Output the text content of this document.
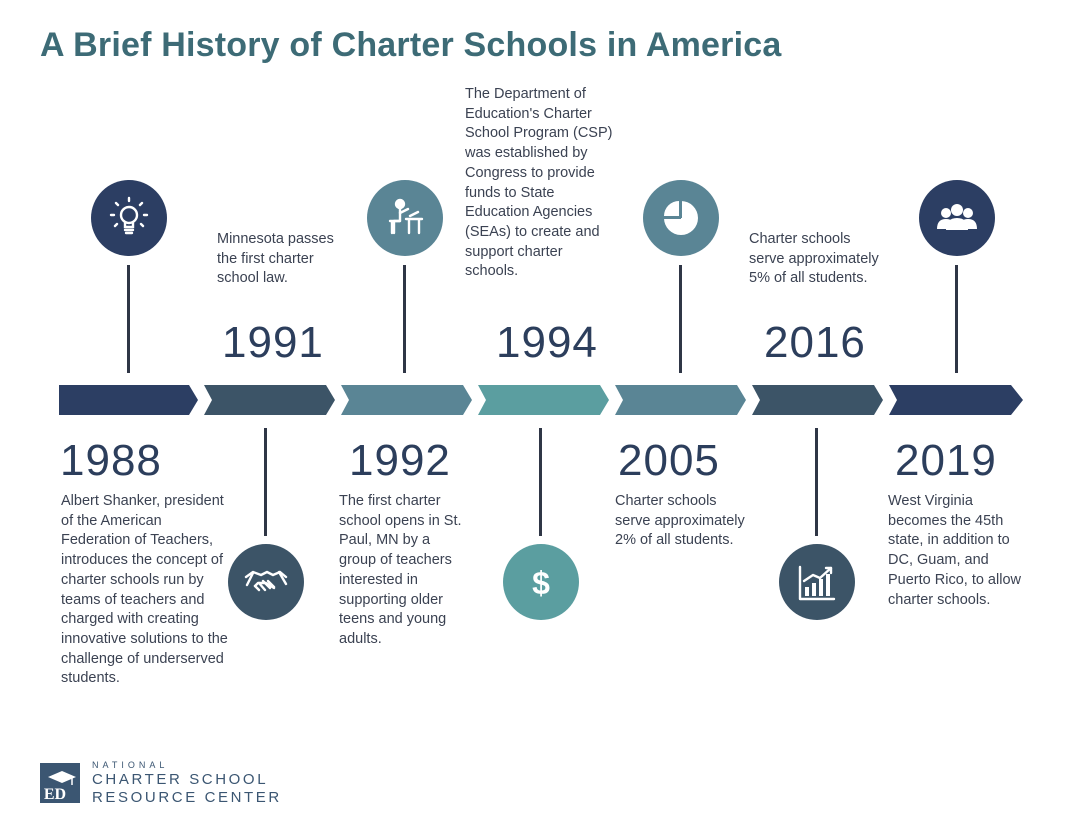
A Brief History of Charter Schools in America
$
1988
1991
1992
1994
2005
2016
2019
Albert Shanker, president of the American Federation of Teachers, introduces the concept of charter schools run by teams of teachers and charged with creating innovative solutions to the challenge of underserved students.
Minnesota passes the first charter school law.
The first charter school opens in St. Paul, MN by a group of teachers interested in supporting older teens and young adults.
The Department of Education's Charter School Program (CSP) was established by Congress to provide funds to State Education Agencies (SEAs) to create and support charter schools.
Charter schools serve approximately 2% of all students.
Charter schools serve approximately 5% of all students.
West Virginia becomes the 45th state, in addition to DC, Guam, and Puerto Rico, to allow charter schools.
ED
NATIONAL
CHARTER SCHOOL
RESOURCE CENTER
